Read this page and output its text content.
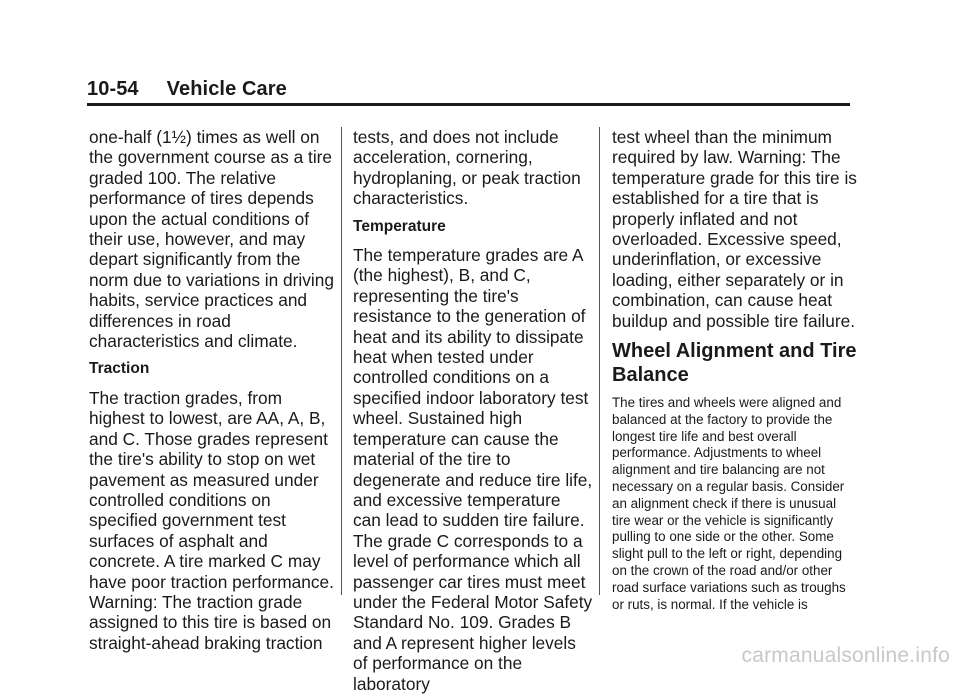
10-54 Vehicle Care

one-half (1½) times as well on the government course as a tire graded 100. The relative performance of tires depends upon the actual conditions of their use, however, and may depart significantly from the norm due to variations in driving habits, service practices and differences in road characteristics and climate.

Traction

The traction grades, from highest to lowest, are AA, A, B, and C. Those grades represent the tire's ability to stop on wet pavement as measured under controlled conditions on specified government test surfaces of asphalt and concrete. A tire marked C may have poor traction performance. Warning: The traction grade assigned to this tire is based on straight-ahead braking traction

tests, and does not include acceleration, cornering, hydroplaning, or peak traction characteristics.

Temperature

The temperature grades are A (the highest), B, and C, representing the tire's resistance to the generation of heat and its ability to dissipate heat when tested under controlled conditions on a specified indoor laboratory test wheel. Sustained high temperature can cause the material of the tire to degenerate and reduce tire life, and excessive temperature can lead to sudden tire failure. The grade C corresponds to a level of performance which all passenger car tires must meet under the Federal Motor Safety Standard No. 109. Grades B and A represent higher levels of performance on the laboratory

test wheel than the minimum required by law. Warning: The temperature grade for this tire is established for a tire that is properly inflated and not overloaded. Excessive speed, underinflation, or excessive loading, either separately or in combination, can cause heat buildup and possible tire failure.

Wheel Alignment and Tire Balance

The tires and wheels were aligned and balanced at the factory to provide the longest tire life and best overall performance. Adjustments to wheel alignment and tire balancing are not necessary on a regular basis. Consider an alignment check if there is unusual tire wear or the vehicle is significantly pulling to one side or the other. Some slight pull to the left or right, depending on the crown of the road and/or other road surface variations such as troughs or ruts, is normal. If the vehicle is

carmanualsonline.info
